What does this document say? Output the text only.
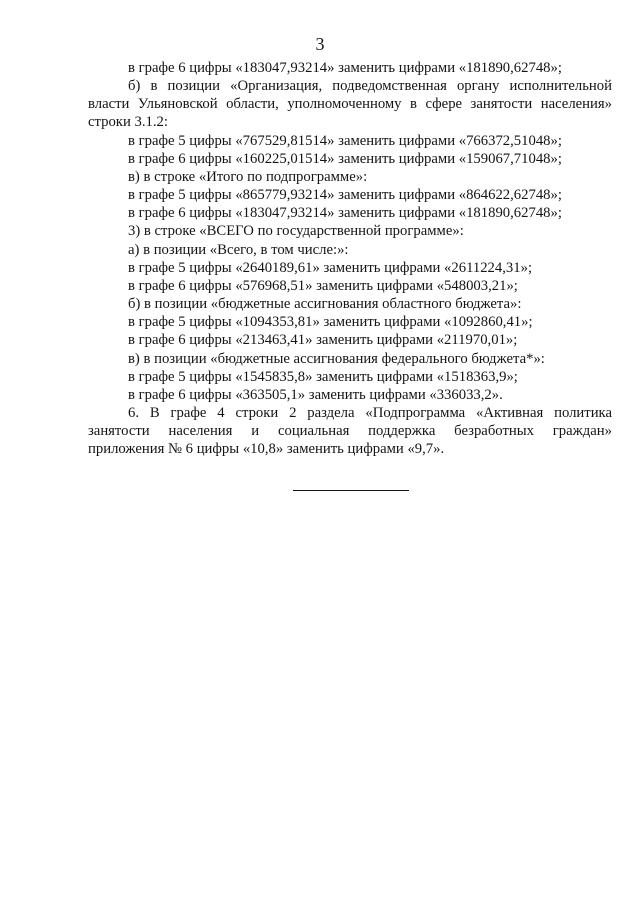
3
в графе 6 цифры «183047,93214» заменить цифрами «181890,62748»;
б) в позиции «Организация, подведомственная органу исполнительной
власти Ульяновской области, уполномоченному в сфере занятости населения»
строки 3.1.2:
в графе 5 цифры «767529,81514» заменить цифрами «766372,51048»;
в графе 6 цифры «160225,01514» заменить цифрами «159067,71048»;
в) в строке «Итого по подпрограмме»:
в графе 5 цифры «865779,93214» заменить цифрами «864622,62748»;
в графе 6 цифры «183047,93214» заменить цифрами «181890,62748»;
3) в строке «ВСЕГО по государственной программе»:
а) в позиции «Всего, в том числе:»:
в графе 5 цифры «2640189,61» заменить цифрами «2611224,31»;
в графе 6 цифры «576968,51» заменить цифрами «548003,21»;
б) в позиции «бюджетные ассигнования областного бюджета»:
в графе 5 цифры «1094353,81» заменить цифрами «1092860,41»;
в графе 6 цифры «213463,41» заменить цифрами «211970,01»;
в) в позиции «бюджетные ассигнования федерального бюджета*»:
в графе 5 цифры «1545835,8» заменить цифрами «1518363,9»;
в графе 6 цифры «363505,1» заменить цифрами «336033,2».
6. В графе 4 строки 2 раздела «Подпрограмма «Активная политика
занятости населения и социальная поддержка безработных граждан»
приложения № 6 цифры «10,8» заменить цифрами «9,7».
